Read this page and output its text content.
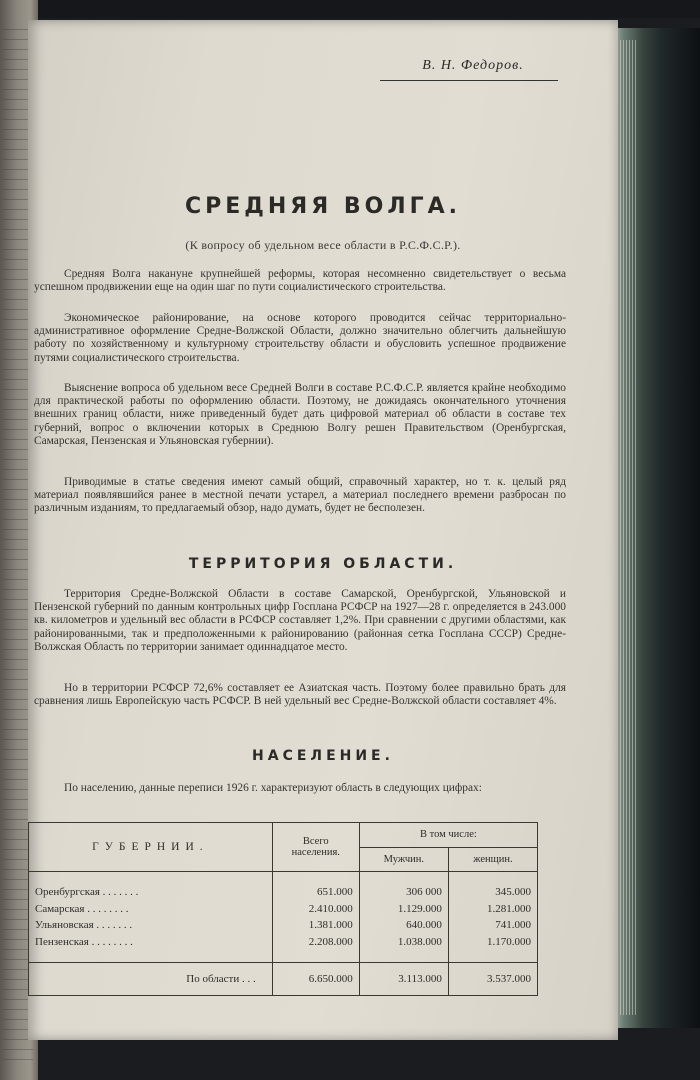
В. Н. Федоров.
СРЕДНЯЯ ВОЛГА.
(К вопросу об удельном весе области в Р.С.Ф.С.Р.).

Средняя Волга накануне крупнейшей реформы, которая несомненно свидетельствует о весьма успешном продвижении еще на один шаг по пути социалистического строительства.

Экономическое районирование, на основе которого проводится сейчас территориально-административное оформление Средне-Волжской Области, должно значительно облегчить дальнейшую работу по хозяйственному и культурному строительству области и обусловить успешное продвижение путями социалистического строительства.

Выяснение вопроса об удельном весе Средней Волги в составе Р.С.Ф.С.Р. является крайне необходимо для практической работы по оформлению области. Поэтому, не дожидаясь окончательного уточнения внешних границ области, ниже приведенный будет дать цифровой материал об области в составе тех губерний, вопрос о включении которых в Среднюю Волгу решен Правительством (Оренбургская, Самарская, Пензенская и Ульяновская губернии).

Приводимые в статье сведения имеют самый общий, справочный характер, но т. к. целый ряд материал появлявшийся ранее в местной печати устарел, а материал последнего времени разбросан по различным изданиям, то предлагаемый обзор, надо думать, будет не бесполезен.

ТЕРРИТОРИЯ ОБЛАСТИ.

Территория Средне-Волжской Области в составе Самарской, Оренбургской, Ульяновской и Пензенской губерний по данным контрольных цифр Госплана РСФСР на 1927—28 г. определяется в 243.000 кв. километров и удельный вес области в РСФСР составляет 1,2%. При сравнении с другими областями, как районированными, так и предположенными к районированию (районная сетка Госплана СССР) Средне-Волжская Область по территории занимает одиннадцатое место.

Но в территории РСФСР 72,6% составляет ее Азиатская часть. Поэтому более правильно брать для сравнения лишь Европейскую часть РСФСР. В ней удельный вес Средне-Волжской области составляет 4%.

НАСЕЛЕНИЕ.

По населению, данные переписи 1926 г. характеризуют область в следующих цифрах:

ГУБЕРНИИ.	Всего населения.	В том числе:	
		Мужчин.	женщин.
Оренбургская . . . . . . .	651.000	306 000	345.000
Самарская . . . . . . . .	2.410.000	1.129.000	1.281.000
Ульяновская . . . . . . .	1.381.000	640.000	741.000
Пензенская . . . . . . . .	2.208.000	1.038.000	1.170.000
По области . . .	6.650.000	3.113.000	3.537.000
